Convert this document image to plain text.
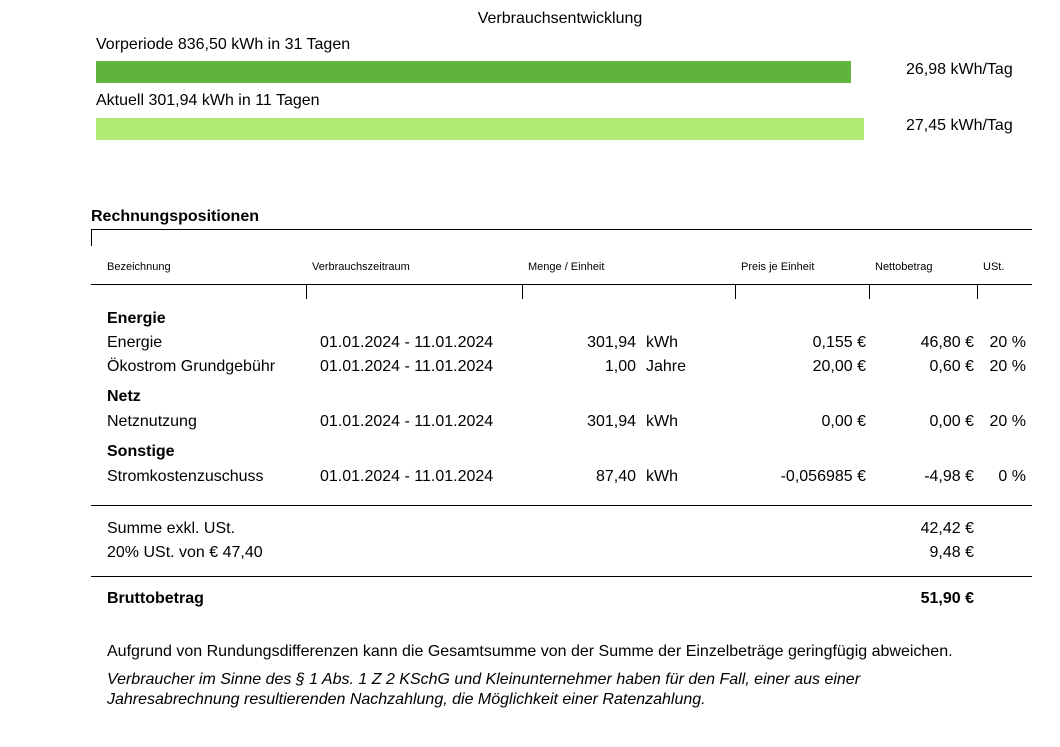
Verbrauchsentwicklung
Vorperiode 836,50 kWh in 31 Tagen
26,98 kWh/Tag
Aktuell 301,94 kWh in 11 Tagen
27,45 kWh/Tag
Rechnungspositionen
Bezeichnung	Verbrauchszeitraum	Menge / Einheit	Preis je Einheit	Nettobetrag	USt.
Energie
Energie	01.01.2024 - 11.01.2024	301,94 kWh	0,155 €	46,80 € 20 %
Ökostrom Grundgebühr	01.01.2024 - 11.01.2024	1,00 Jahre	20,00 €	0,60 € 20 %
Netz
Netznutzung	01.01.2024 - 11.01.2024	301,94 kWh	0,00 €	0,00 € 20 %
Sonstige
Stromkostenzuschuss	01.01.2024 - 11.01.2024	87,40 kWh	-0,056985 €	-4,98 €	0 %
Summe exkl. USt.	42,42 €
20% USt. von € 47,40	9,48 €
Bruttobetrag	51,90 €
Aufgrund von Rundungsdifferenzen kann die Gesamtsumme von der Summe der Einzelbeträge geringfügig abweichen.
Verbraucher im Sinne des § 1 Abs. 1 Z 2 KSchG und Kleinunternehmer haben für den Fall, einer aus einer
Jahresabrechnung resultierenden Nachzahlung, die Möglichkeit einer Ratenzahlung.
